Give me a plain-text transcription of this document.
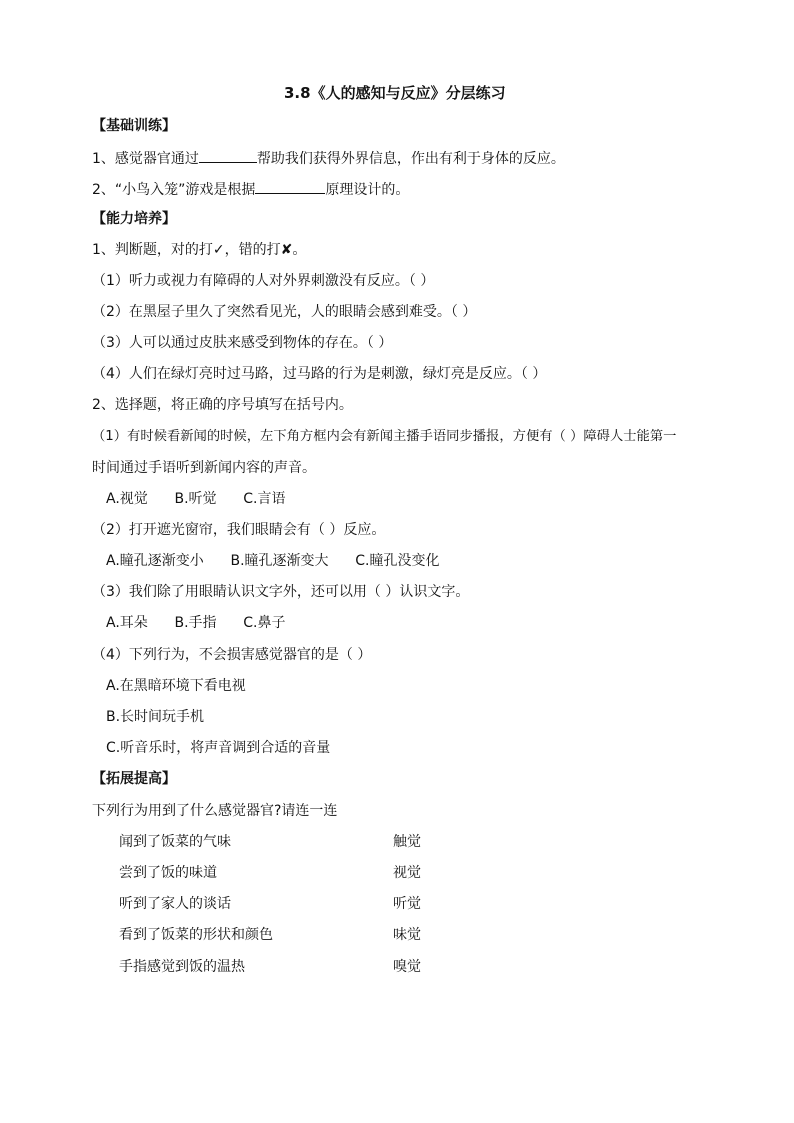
3.8《人的感知与反应》分层练习
【基础训练】
1、感觉器官通过	帮助我们获得外界信息，作出有利于身体的反应。
2、“小鸟入笼”游戏是根据	原理设计的。
【能力培养】
1、判断题，对的打✓，错的打✘。
（1）听力或视力有障碍的人对外界刺激没有反应。（ ）
（2）在黑屋子里久了突然看见光，人的眼睛会感到难受。（ ）
（3）人可以通过皮肤来感受到物体的存在。（ ）
（4）人们在绿灯亮时过马路，过马路的行为是刺激，绿灯亮是反应。（ ）
2、选择题，将正确的序号填写在括号内。
（1）有时候看新闻的时候，左下角方框内会有新闻主播手语同步播报，方便有（ ）障碍人士能第一
时间通过手语听到新闻内容的声音。
A.视觉      B.听觉      C.言语
（2）打开遮光窗帘，我们眼睛会有（ ）反应。
A.瞳孔逐渐变小      B.瞳孔逐渐变大      C.瞳孔没变化
（3）我们除了用眼睛认识文字外，还可以用（ ）认识文字。
A.耳朵      B.手指      C.鼻子
（4）下列行为，不会损害感觉器官的是（ ）
A.在黑暗环境下看电视
B.长时间玩手机
C.听音乐时，将声音调到合适的音量
【拓展提高】
下列行为用到了什么感觉器官?请连一连
闻到了饭菜的气味
尝到了饭的味道
听到了家人的谈话
看到了饭菜的形状和颜色
手指感觉到饭的温热
触觉
视觉
听觉
味觉
嗅觉
